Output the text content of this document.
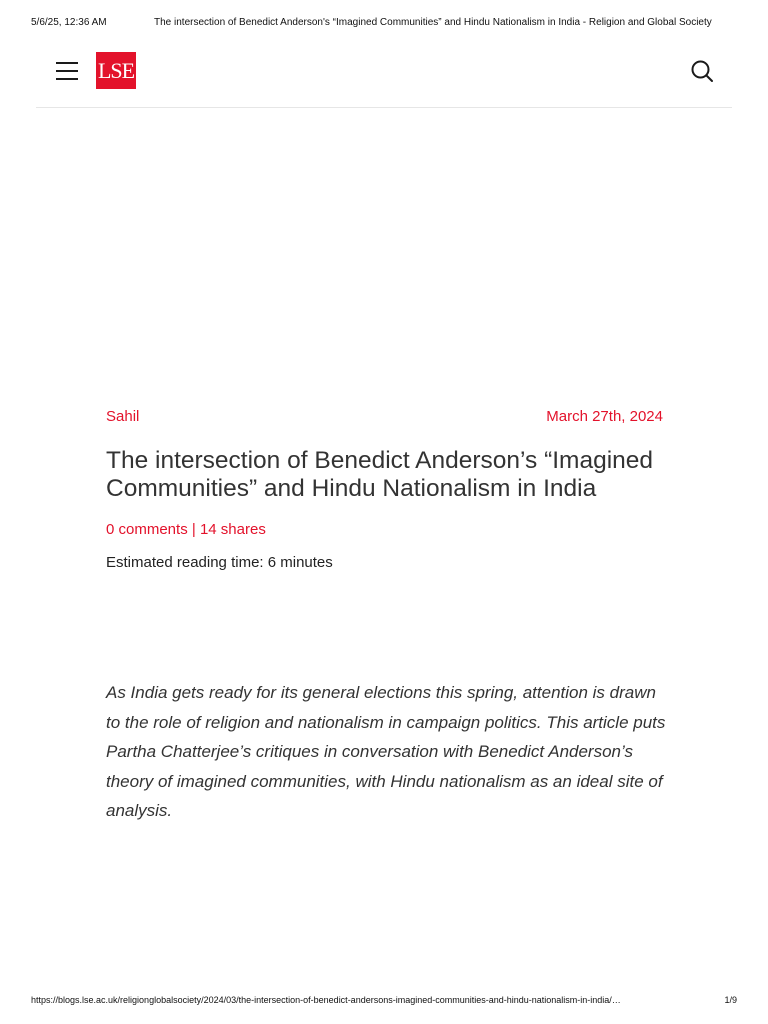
5/6/25, 12:36 AM	The intersection of Benedict Anderson's “Imagined Communities” and Hindu Nationalism in India - Religion and Global Society
LSE
Sahil	March 27th, 2024
The intersection of Benedict Anderson’s “Imagined Communities” and Hindu Nationalism in India
0 comments | 14 shares
Estimated reading time: 6 minutes

As India gets ready for its general elections this spring, attention is drawn to the role of religion and nationalism in campaign politics. This article puts Partha Chatterjee’s critiques in conversation with Benedict Anderson’s theory of imagined communities, with Hindu nationalism as an ideal site of analysis.

https://blogs.lse.ac.uk/religionglobalsociety/2024/03/the-intersection-of-benedict-andersons-imagined-communities-and-hindu-nationalism-in-india/…	1/9
